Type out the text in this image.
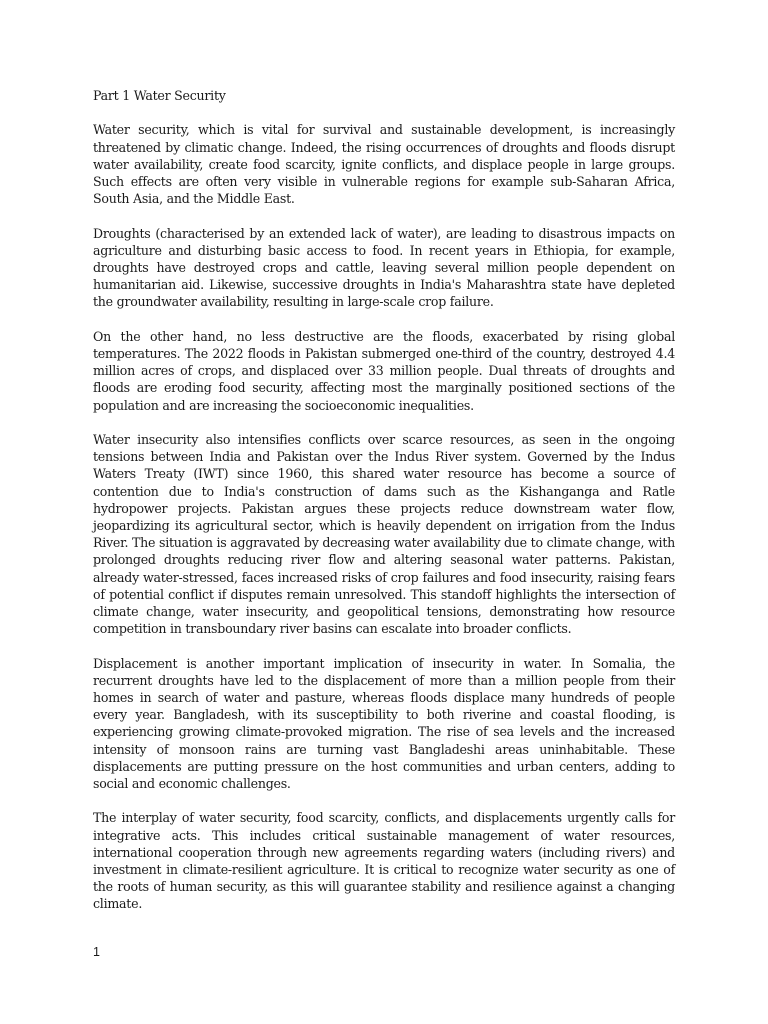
Part 1 Water Security

Water security, which is vital for survival and sustainable development, is increasingly threatened by climatic change. Indeed, the rising occurrences of droughts and floods disrupt water availability, create food scarcity, ignite conflicts, and displace people in large groups. Such effects are often very visible in vulnerable regions for example sub-Saharan Africa, South Asia, and the Middle East.

Droughts (characterised by an extended lack of water), are leading to disastrous impacts on agriculture and disturbing basic access to food. In recent years in Ethiopia, for example, droughts have destroyed crops and cattle, leaving several million people dependent on humanitarian aid. Likewise, successive droughts in India's Maharashtra state have depleted the groundwater availability, resulting in large-scale crop failure.

On the other hand, no less destructive are the floods, exacerbated by rising global temperatures. The 2022 floods in Pakistan submerged one-third of the country, destroyed 4.4 million acres of crops, and displaced over 33 million people. Dual threats of droughts and floods are eroding food security, affecting most the marginally positioned sections of the population and are increasing the socioeconomic inequalities.

Water insecurity also intensifies conflicts over scarce resources, as seen in the ongoing tensions between India and Pakistan over the Indus River system. Governed by the Indus Waters Treaty (IWT) since 1960, this shared water resource has become a source of contention due to India's construction of dams such as the Kishanganga and Ratle hydropower projects. Pakistan argues these projects reduce downstream water flow, jeopardizing its agricultural sector, which is heavily dependent on irrigation from the Indus River. The situation is aggravated by decreasing water availability due to climate change, with prolonged droughts reducing river flow and altering seasonal water patterns. Pakistan, already water-stressed, faces increased risks of crop failures and food insecurity, raising fears of potential conflict if disputes remain unresolved. This standoff highlights the intersection of climate change, water insecurity, and geopolitical tensions, demonstrating how resource competition in transboundary river basins can escalate into broader conflicts.

Displacement is another important implication of insecurity in water. In Somalia, the recurrent droughts have led to the displacement of more than a million people from their homes in search of water and pasture, whereas floods displace many hundreds of people every year. Bangladesh, with its susceptibility to both riverine and coastal flooding, is experiencing growing climate-provoked migration. The rise of sea levels and the increased intensity of monsoon rains are turning vast Bangladeshi areas uninhabitable. These displacements are putting pressure on the host communities and urban centers, adding to social and economic challenges.

The interplay of water security, food scarcity, conflicts, and displacements urgently calls for integrative acts. This includes critical sustainable management of water resources, international cooperation through new agreements regarding waters (including rivers) and investment in climate-resilient agriculture. It is critical to recognize water security as one of the roots of human security, as this will guarantee stability and resilience against a changing climate.

1
